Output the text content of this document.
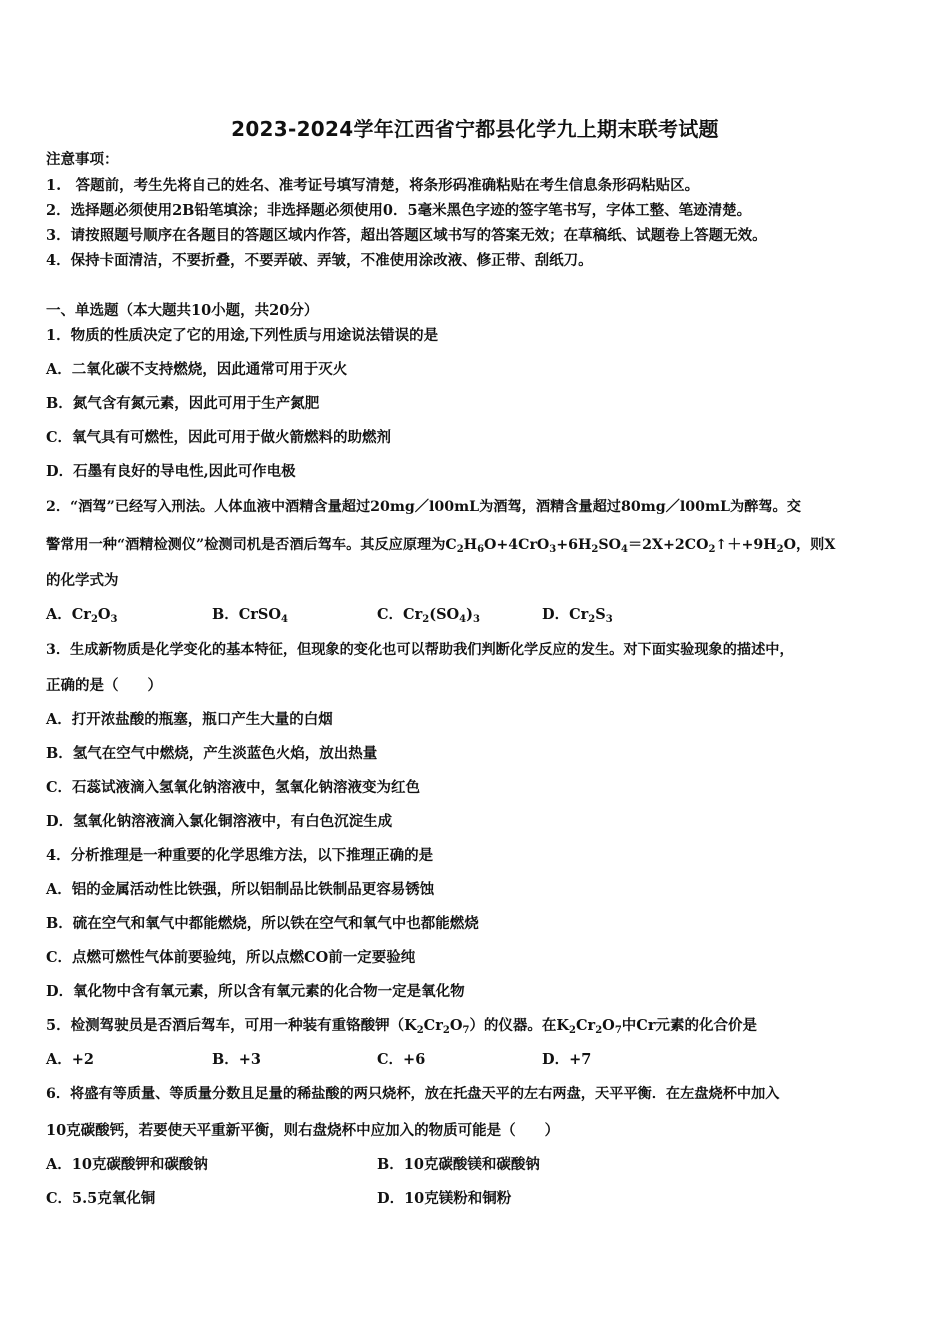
2023-2024学年江西省宁都县化学九上期末联考试题
注意事项：
1.　答题前，考生先将自己的姓名、准考证号填写清楚，将条形码准确粘贴在考生信息条形码粘贴区。
2．选择题必须使用2B铅笔填涂；非选择题必须使用0．5毫米黑色字迹的签字笔书写，字体工整、笔迹清楚。
3．请按照题号顺序在各题目的答题区域内作答，超出答题区域书写的答案无效；在草稿纸、试题卷上答题无效。
4．保持卡面清洁，不要折叠，不要弄破、弄皱，不准使用涂改液、修正带、刮纸刀。
一、单选题（本大题共10小题，共20分）
1．物质的性质决定了它的用途,下列性质与用途说法错误的是
A．二氧化碳不支持燃烧，因此通常可用于灭火
B．氮气含有氮元素，因此可用于生产氮肥
C．氧气具有可燃性，因此可用于做火箭燃料的助燃剂
D．石墨有良好的导电性,因此可作电极
2．“酒驾”已经写入刑法。人体血液中酒精含量超过20mg／l00mL为酒驾，酒精含量超过80mg／l00mL为醉驾。交
警常用一种“酒精检测仪”检测司机是否酒后驾车。其反应原理为$C_2H_6O+4CrO_3+6H_2SO_4=2X+2CO_2↑++9H_2O$，则X
的化学式为
A．$Cr_2O_3$	B．CrSO$_4$	C．$Cr_2(SO_4)_3$	D．$Cr_2S_3$
3．生成新物质是化学变化的基本特征，但现象的变化也可以帮助我们判断化学反应的发生。对下面实验现象的描述中，
正确的是（　　）
A．打开浓盐酸的瓶塞，瓶口产生大量的白烟
B．氢气在空气中燃烧，产生淡蓝色火焰，放出热量
C．石蕊试液滴入氢氧化钠溶液中，氢氧化钠溶液变为红色
D．氢氧化钠溶液滴入氯化铜溶液中，有白色沉淀生成
4．分析推理是一种重要的化学思维方法，以下推理正确的是
A．铝的金属活动性比铁强，所以铝制品比铁制品更容易锈蚀
B．硫在空气和氧气中都能燃烧，所以铁在空气和氧气中也都能燃烧
C．点燃可燃性气体前要验纯，所以点燃CO前一定要验纯
D．氧化物中含有氧元素，所以含有氧元素的化合物一定是氧化物
5．检测驾驶员是否酒后驾车，可用一种装有重铬酸钾$(K_2Cr_2O_7)$的仪器。在$K_2Cr_2O_7$中Cr元素的化合价是
A．+2	B．+3	C．+6	D．+7
6．将盛有等质量、等质量分数且足量的稀盐酸的两只烧杯，放在托盘天平的左右两盘，天平平衡．在左盘烧杯中加入
10克碳酸钙，若要使天平重新平衡，则右盘烧杯中应加入的物质可能是（　　）
A．10克碳酸钾和碳酸钠	B．10克碳酸镁和碳酸钠
C．5.5克氧化铜	D．10克镁粉和铜粉
